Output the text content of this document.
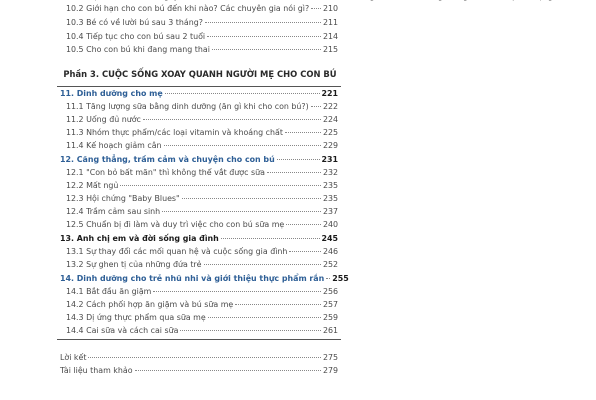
10.2 Giới hạn cho con bú đến khi nào? Các chuyên gia nói gì? 210
10.3 Bé có về lười bú sau 3 tháng?	211
10.4 Tiếp tục cho con bú sau 2 tuổi	214
10.5 Cho con bú khi đang mang thai	215
Phần 3. CUỘC SỐNG XOAY QUANH NGƯỜI MẸ CHO CON BÚ
11. Dinh dưỡng cho mẹ	221
11.1 Tăng lượng sữa bằng dinh dưỡng (ăn gì khi cho con bú?) 222
11.2 Uống đủ nước	224
11.3 Nhóm thực phẩm/các loại vitamin và khoáng chất	225
11.4 Kế hoạch giảm cân	229
12. Căng thẳng, trầm cảm và chuyện cho con bú	231
12.1 "Con bỏ bất mãn" thì không thể vắt được sữa	232
12.2 Mất ngủ	235
12.3 Hội chứng "Baby Blues"	235
12.4 Trầm cảm sau sinh	237
12.5 Chuẩn bị đi làm và duy trì việc cho con bú sữa mẹ	240
13. Anh chị em và đời sống gia đình	245
13.1 Sự thay đổi các mối quan hệ và cuộc sống gia đình	246
13.2 Sự ghen tị của những đứa trẻ	252
14. Dinh dưỡng cho trẻ nhũ nhi và giới thiệu thực phẩm rắn 255
14.1 Bắt đầu ăn giặm	256
14.2 Cách phối hợp ăn giặm và bú sữa mẹ	257
14.3 Dị ứng thực phẩm qua sữa mẹ	259
14.4 Cai sữa và cách cai sữa	261
Lời kết	275
Tài liệu tham khảo	279
